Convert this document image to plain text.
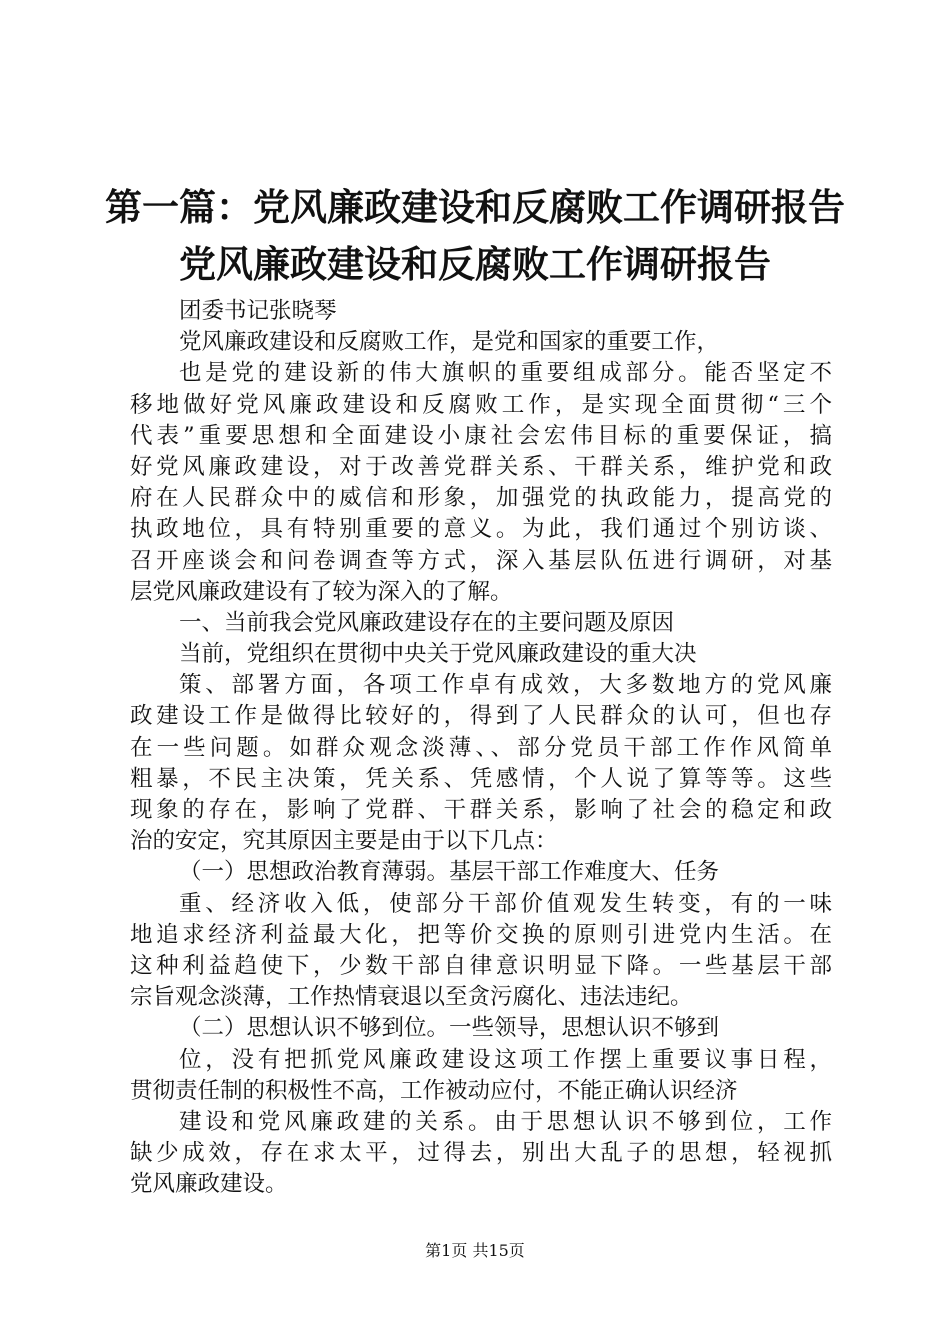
第一篇：党风廉政建设和反腐败工作调研报告
党风廉政建设和反腐败工作调研报告
团委书记张晓琴
党风廉政建设和反腐败工作，是党和国家的重要工作，
也是党的建设新的伟大旗帜的重要组成部分。能否坚定不
移地做好党风廉政建设和反腐败工作，是实现全面贯彻“三个
代表”重要思想和全面建设小康社会宏伟目标的重要保证，搞
好党风廉政建设，对于改善党群关系、干群关系，维护党和政
府在人民群众中的威信和形象，加强党的执政能力，提高党的
执政地位，具有特别重要的意义。为此，我们通过个别访谈、
召开座谈会和问卷调查等方式，深入基层队伍进行调研，对基
层党风廉政建设有了较为深入的了解。
一、当前我会党风廉政建设存在的主要问题及原因
当前，党组织在贯彻中央关于党风廉政建设的重大决
策、部署方面，各项工作卓有成效，大多数地方的党风廉
政建设工作是做得比较好的，得到了人民群众的认可，但也存
在一些问题。如群众观念淡薄、、部分党员干部工作作风简单
粗暴，不民主决策，凭关系、凭感情，个人说了算等等。这些
现象的存在，影响了党群、干群关系，影响了社会的稳定和政
治的安定，究其原因主要是由于以下几点：
（一）思想政治教育薄弱。基层干部工作难度大、任务
重、经济收入低，使部分干部价值观发生转变，有的一味
地追求经济利益最大化，把等价交换的原则引进党内生活。在
这种利益趋使下，少数干部自律意识明显下降。一些基层干部
宗旨观念淡薄，工作热情衰退以至贪污腐化、违法违纪。
（二）思想认识不够到位。一些领导，思想认识不够到
位，没有把抓党风廉政建设这项工作摆上重要议事日程，
贯彻责任制的积极性不高，工作被动应付，不能正确认识经济
建设和党风廉政建的关系。由于思想认识不够到位，工作
缺少成效，存在求太平，过得去，别出大乱子的思想，轻视抓
党风廉政建设。
第1页 共15页
